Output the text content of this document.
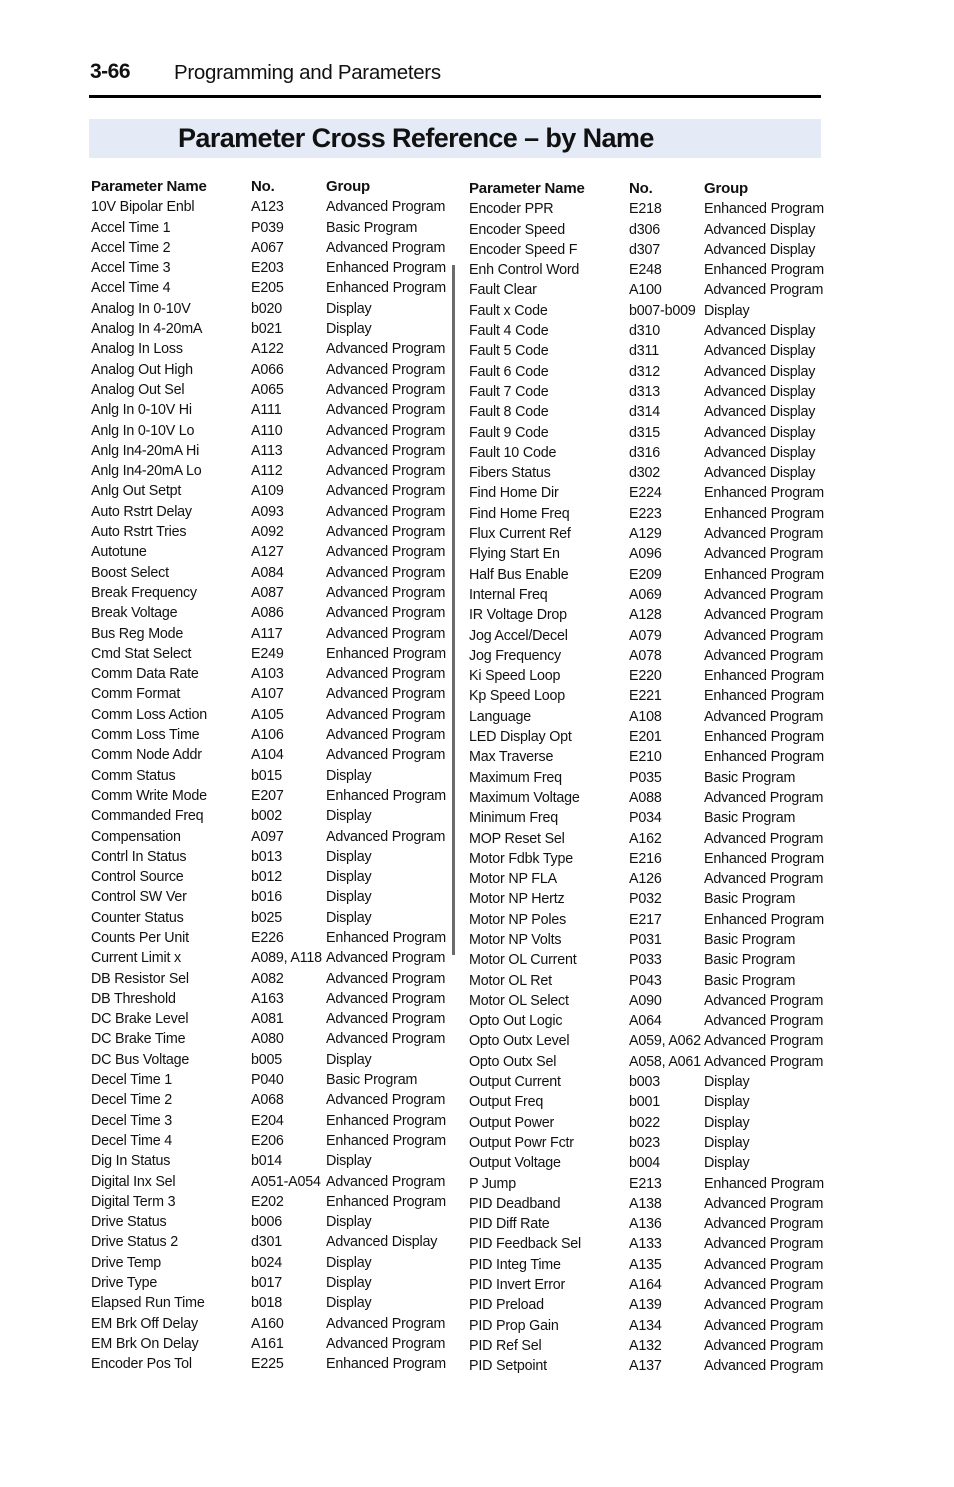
3-66 Programming and Parameters
Parameter Cross Reference – by Name
Parameter Name	No.	Group
10V Bipolar Enbl	A123	Advanced Program
Accel Time 1	P039	Basic Program
Accel Time 2	A067	Advanced Program
Accel Time 3	E203	Enhanced Program
Accel Time 4	E205	Enhanced Program
Analog In 0-10V	b020	Display
Analog In 4-20mA	b021	Display
Analog In Loss	A122	Advanced Program
Analog Out High	A066	Advanced Program
Analog Out Sel	A065	Advanced Program
Anlg In 0-10V Hi	A111	Advanced Program
Anlg In 0-10V Lo	A110	Advanced Program
Anlg In4-20mA Hi	A113	Advanced Program
Anlg In4-20mA Lo	A112	Advanced Program
Anlg Out Setpt	A109	Advanced Program
Auto Rstrt Delay	A093	Advanced Program
Auto Rstrt Tries	A092	Advanced Program
Autotune	A127	Advanced Program
Boost Select	A084	Advanced Program
Break Frequency	A087	Advanced Program
Break Voltage	A086	Advanced Program
Bus Reg Mode	A117	Advanced Program
Cmd Stat Select	E249	Enhanced Program
Comm Data Rate	A103	Advanced Program
Comm Format	A107	Advanced Program
Comm Loss Action	A105	Advanced Program
Comm Loss Time	A106	Advanced Program
Comm Node Addr	A104	Advanced Program
Comm Status	b015	Display
Comm Write Mode	E207	Enhanced Program
Commanded Freq	b002	Display
Compensation	A097	Advanced Program
Contrl In Status	b013	Display
Control Source	b012	Display
Control SW Ver	b016	Display
Counter Status	b025	Display
Counts Per Unit	E226	Enhanced Program
Current Limit x	A089, A118 Advanced Program
DB Resistor Sel	A082	Advanced Program
DB Threshold	A163	Advanced Program
DC Brake Level	A081	Advanced Program
DC Brake Time	A080	Advanced Program
DC Bus Voltage	b005	Display
Decel Time 1	P040	Basic Program
Decel Time 2	A068	Advanced Program
Decel Time 3	E204	Enhanced Program
Decel Time 4	E206	Enhanced Program
Dig In Status	b014	Display
Digital Inx Sel	A051-A054 Advanced Program
Digital Term 3	E202	Enhanced Program
Drive Status	b006	Display
Drive Status 2	d301	Advanced Display
Drive Temp	b024	Display
Drive Type	b017	Display
Elapsed Run Time	b018	Display
EM Brk Off Delay	A160	Advanced Program
EM Brk On Delay	A161	Advanced Program
Encoder Pos Tol	E225	Enhanced Program
Parameter Name	No.	Group
Encoder PPR	E218	Enhanced Program
Encoder Speed	d306	Advanced Display
Encoder Speed F	d307	Advanced Display
Enh Control Word	E248	Enhanced Program
Fault Clear	A100	Advanced Program
Fault x Code	b007-b009 Display
Fault 4 Code	d310	Advanced Display
Fault 5 Code	d311	Advanced Display
Fault 6 Code	d312	Advanced Display
Fault 7 Code	d313	Advanced Display
Fault 8 Code	d314	Advanced Display
Fault 9 Code	d315	Advanced Display
Fault 10 Code	d316	Advanced Display
Fibers Status	d302	Advanced Display
Find Home Dir	E224	Enhanced Program
Find Home Freq	E223	Enhanced Program
Flux Current Ref	A129	Advanced Program
Flying Start En	A096	Advanced Program
Half Bus Enable	E209	Enhanced Program
Internal Freq	A069	Advanced Program
IR Voltage Drop	A128	Advanced Program
Jog Accel/Decel	A079	Advanced Program
Jog Frequency	A078	Advanced Program
Ki Speed Loop	E220	Enhanced Program
Kp Speed Loop	E221	Enhanced Program
Language	A108	Advanced Program
LED Display Opt	E201	Enhanced Program
Max Traverse	E210	Enhanced Program
Maximum Freq	P035	Basic Program
Maximum Voltage	A088	Advanced Program
Minimum Freq	P034	Basic Program
MOP Reset Sel	A162	Advanced Program
Motor Fdbk Type	E216	Enhanced Program
Motor NP FLA	A126	Advanced Program
Motor NP Hertz	P032	Basic Program
Motor NP Poles	E217	Enhanced Program
Motor NP Volts	P031	Basic Program
Motor OL Current	P033	Basic Program
Motor OL Ret	P043	Basic Program
Motor OL Select	A090	Advanced Program
Opto Out Logic	A064	Advanced Program
Opto Outx Level	A059, A062 Advanced Program
Opto Outx Sel	A058, A061 Advanced Program
Output Current	b003	Display
Output Freq	b001	Display
Output Power	b022	Display
Output Powr Fctr	b023	Display
Output Voltage	b004	Display
P Jump	E213	Enhanced Program
PID Deadband	A138	Advanced Program
PID Diff Rate	A136	Advanced Program
PID Feedback Sel	A133	Advanced Program
PID Integ Time	A135	Advanced Program
PID Invert Error	A164	Advanced Program
PID Preload	A139	Advanced Program
PID Prop Gain	A134	Advanced Program
PID Ref Sel	A132	Advanced Program
PID Setpoint	A137	Advanced Program
